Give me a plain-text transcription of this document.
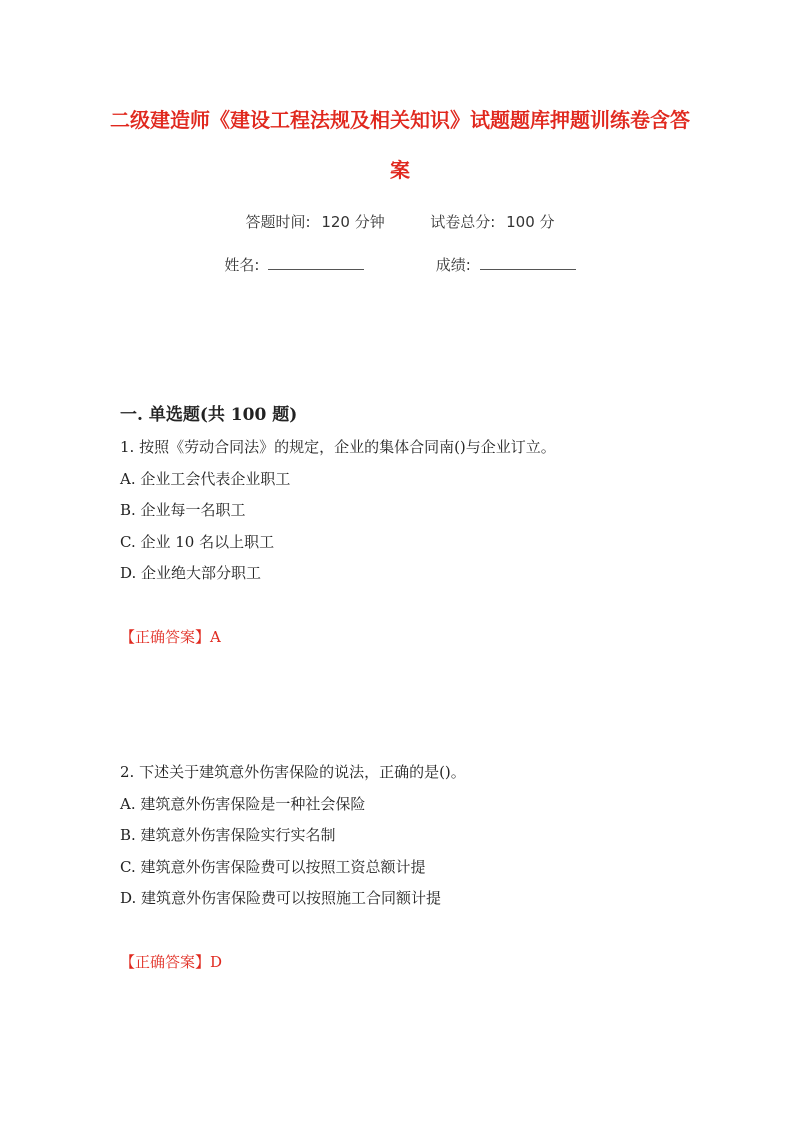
二级建造师《建设工程法规及相关知识》试题题库押题训练卷含答
案
答题时间: 120 分钟	试卷总分: 100 分
姓名:	成绩:
一. 单选题(共 100 题)
1. 按照《劳动合同法》的规定，企业的集体合同南()与企业订立。
A. 企业工会代表企业职工
B. 企业每一名职工
C. 企业 10 名以上职工
D. 企业绝大部分职工
【正确答案】A
2. 下述关于建筑意外伤害保险的说法，正确的是()。
A. 建筑意外伤害保险是一种社会保险
B. 建筑意外伤害保险实行实名制
C. 建筑意外伤害保险费可以按照工资总额计提
D. 建筑意外伤害保险费可以按照施工合同额计提
【正确答案】D
